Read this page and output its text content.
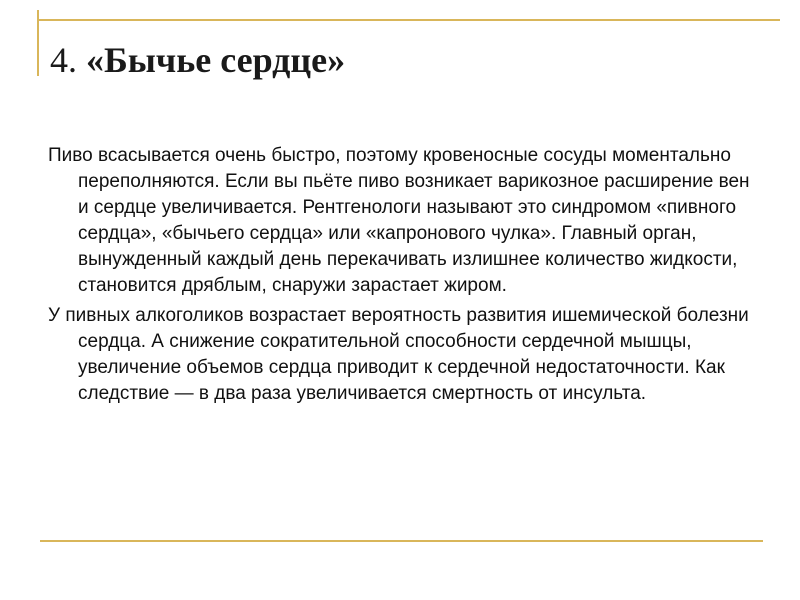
4. «Бычье сердце»
Пиво всасывается очень быстро, поэтому кровеносные сосуды моментально переполняются. Если вы пьёте пиво возникает варикозное расширение вен и сердце увеличивается. Рентгенологи называют это синдромом «пивного сердца», «бычьего сердца» или «капронового чулка». Главный орган, вынужденный каждый день перекачивать излишнее количество жидкости, становится дряблым, снаружи зарастает жиром.
У пивных алкоголиков возрастает вероятность развития ишемической болезни сердца. А снижение сократительной способности сердечной мышцы, увеличение объемов сердца приводит к сердечной недостаточности. Как следствие — в два раза увеличивается смертность от инсульта.
